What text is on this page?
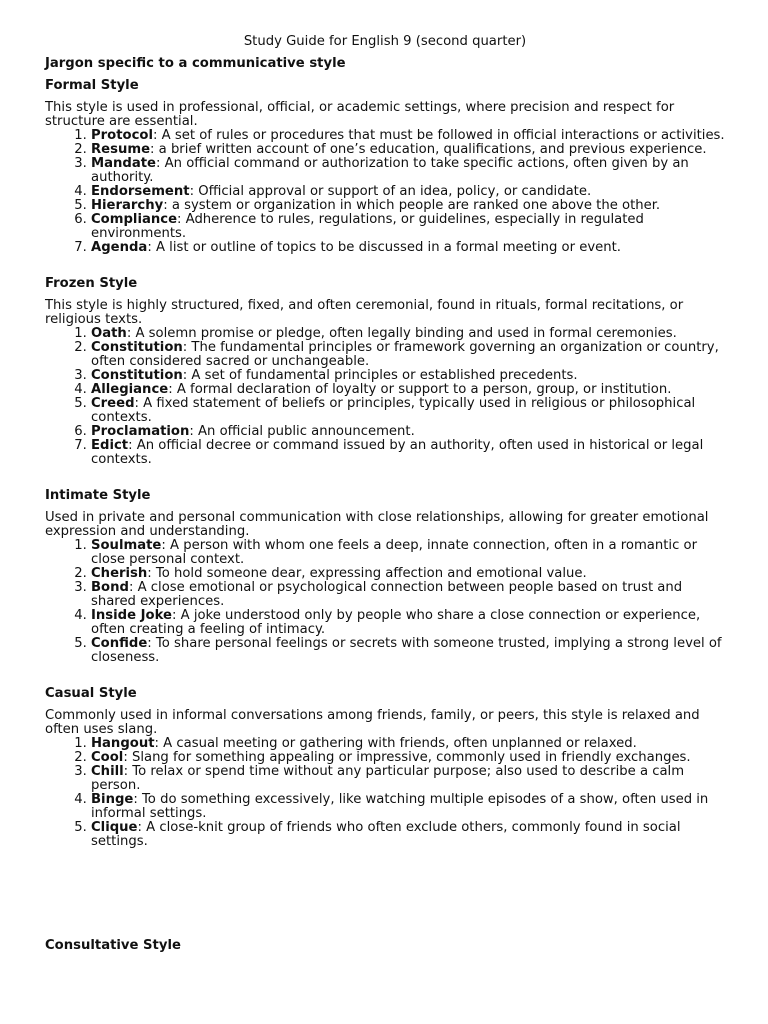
Study Guide for English 9 (second quarter)
Jargon specific to a communicative style
Formal Style
This style is used in professional, official, or academic settings, where precision and respect for structure are essential.
1. Protocol: A set of rules or procedures that must be followed in official interactions or activities.
2. Resume: a brief written account of one’s education, qualifications, and previous experience.
3. Mandate: An official command or authorization to take specific actions, often given by an authority.
4. Endorsement: Official approval or support of an idea, policy, or candidate.
5. Hierarchy: a system or organization in which people are ranked one above the other.
6. Compliance: Adherence to rules, regulations, or guidelines, especially in regulated environments.
7. Agenda: A list or outline of topics to be discussed in a formal meeting or event.
Frozen Style
This style is highly structured, fixed, and often ceremonial, found in rituals, formal recitations, or religious texts.
1. Oath: A solemn promise or pledge, often legally binding and used in formal ceremonies.
2. Constitution: The fundamental principles or framework governing an organization or country, often considered sacred or unchangeable.
3. Constitution: A set of fundamental principles or established precedents.
4. Allegiance: A formal declaration of loyalty or support to a person, group, or institution.
5. Creed: A fixed statement of beliefs or principles, typically used in religious or philosophical contexts.
6. Proclamation: An official public announcement.
7. Edict: An official decree or command issued by an authority, often used in historical or legal contexts.
Intimate Style
Used in private and personal communication with close relationships, allowing for greater emotional expression and understanding.
1. Soulmate: A person with whom one feels a deep, innate connection, often in a romantic or close personal context.
2. Cherish: To hold someone dear, expressing affection and emotional value.
3. Bond: A close emotional or psychological connection between people based on trust and shared experiences.
4. Inside Joke: A joke understood only by people who share a close connection or experience, often creating a feeling of intimacy.
5. Confide: To share personal feelings or secrets with someone trusted, implying a strong level of closeness.
Casual Style
Commonly used in informal conversations among friends, family, or peers, this style is relaxed and often uses slang.
1. Hangout: A casual meeting or gathering with friends, often unplanned or relaxed.
2. Cool: Slang for something appealing or impressive, commonly used in friendly exchanges.
3. Chill: To relax or spend time without any particular purpose; also used to describe a calm person.
4. Binge: To do something excessively, like watching multiple episodes of a show, often used in informal settings.
5. Clique: A close-knit group of friends who often exclude others, commonly found in social settings.
Consultative Style
